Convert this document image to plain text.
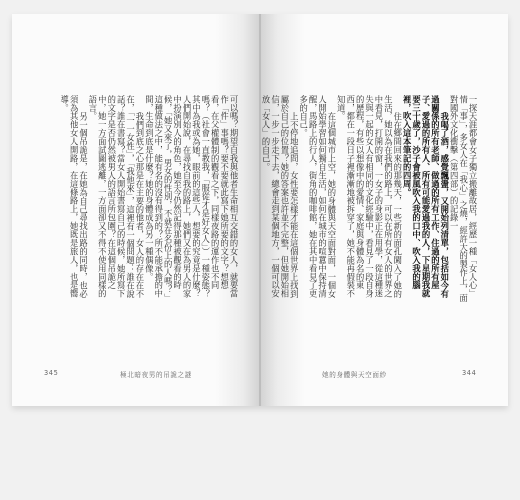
可以嗎？期望自我與他者生命相互交錯的女人，就要當作「件」事嗎？要不要就此寫下她所要的文字？想想看，在父權體制的觀看之下，同樣夜路的運作也不同嗎？（社會一直教我，「服從才是好女人」）一種姿態？其中為我或為她，眼前的這些人，想要的究竟是什麼？人們開始說，在尋找自我的路上，她們又在為男人的家中扮演別人的角色，她至今仍然記得那種被觀看的時候，「她又來了，男女的性別，不就在名份上的人嗎？」這種做法之中，能有名的沒有得到的？所不能承擔的中間，生命到底是什麼？她的身體成為另一種偶像。

我們到底之心那是在主要的他者，女人的存在在不在，「一一女性」，「我他來」，這裡有一個問題：誰在說話？誰在書寫？當女人開始書寫自己的時候，她所寫下的文字是否仍然被男人的語言所包圍？在這個吊詭之中，她一方面試圖逃離，一方面卻又不得不使用同樣的語言。

另一個吊詭是，在她為自己尋找出路的同時，也必須為其他女人開路，在這條路上，她既是旅人，也是嚮導。

345	極北暗夜男的吊詭之謎

一探天涯都會女子獨立搬離故居，經歷一種「女人心」情「事」，多女人在「我心」之燒，經許大的製作上，面對國外文化衝擊（第四部）的記錄一

我喝了酒，感覺飄盪，又開始列清單，包括如今有過關係的所有老師、做過的所有工作、住過的所有屋子、愛過的所有人、所有可能愛過我的人，下星期我就要三十歲了，沙子會被風吹入我的口中、吹入我的腦裡，吹入這本筆記的四周。

住在鄉間回來的那幾天，一些新的面孔闖入了她的生活，她以為在我們的路上，可以在所有女人的世界之中看見，打開的窗，一女子的身影正在用學，從這種迷失與一起的女人有相同的文化經驗中，看見了一段自身的歷程，有些以想像中的愛情、家庭與身體為名的東西，都在一段日子裡漸漸地被拆穿了，她不能再假裝不知道。

在這個城市上空，她的身體與天空面對面，一個女人開始學習如何獨自生活，如何在城市的喧囂中保持清醒，馬路上的行人，街角的咖啡館，她在其中看見了更多的自己。

上不停地追問，女性要怎樣才能在這個世界上找到屬於自己的位置？她的答案也許並不完整，但她開始相信，一步一步走下去，總會走到某個地方，一個可以安放「女人」的自己。

她的身體與天空面紗	344
